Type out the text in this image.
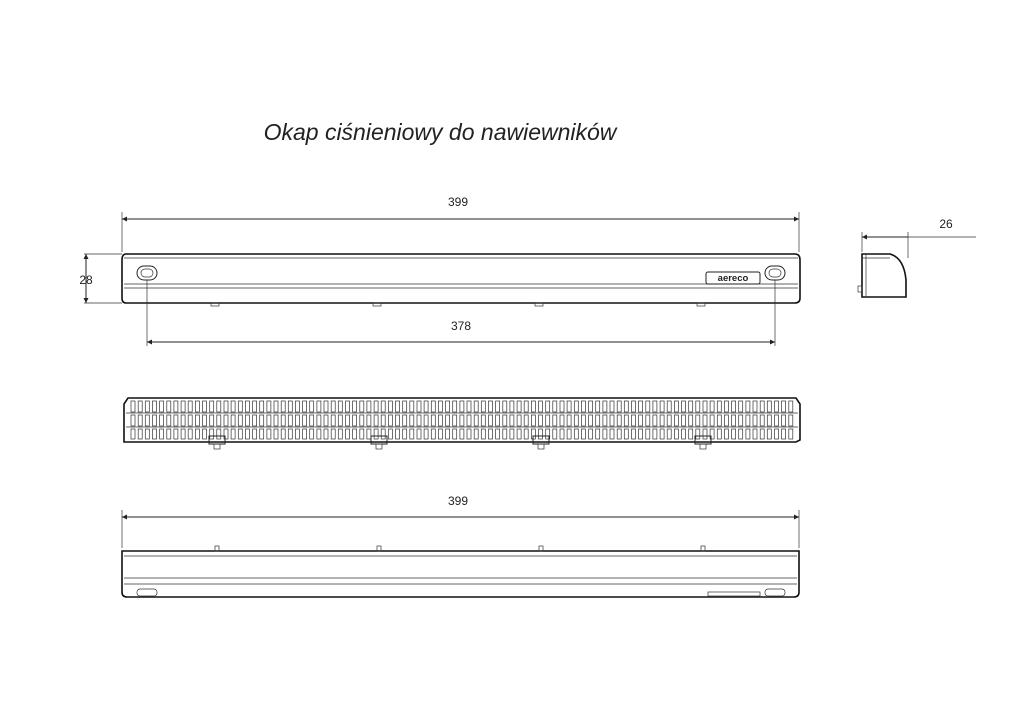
Okap ciśnieniowy do nawiewników
399
28	aereco
378
26
399
